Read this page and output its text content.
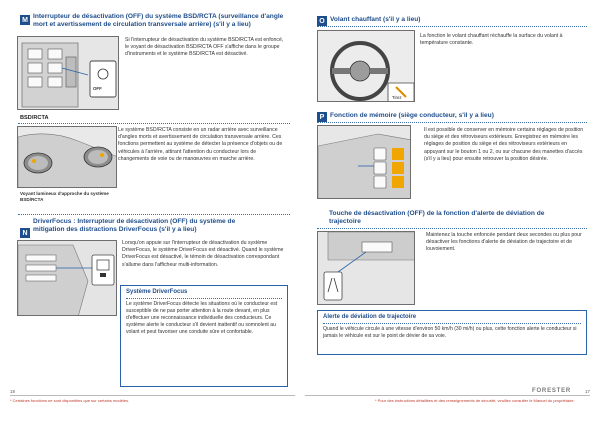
M Interrupteur de désactivation (OFF) du système BSD/RCTA (surveillance d'angle mort et avertissement de circulation transversale arrière) (s'il y a lieu)
OFF
Si l'interrupteur de désactivation du système BSD/RCTA est enfoncé, le voyant de désactivation BSD/RCTA OFF s'affiche dans le groupe d'instruments et le système BSD/RCTA est désactivé.
BSD/RCTA
Voyant lumineux d'approche du système BSD/RCTA
Le système BSD/RCTA consiste en un radar arrière avec surveillance d'angles morts et avertissement de circulation transversale arrière. Ces fonctions permettent au système de détecter la présence d'objets ou de véhicules à l'arrière, attirant l'attention du conducteur lors de changements de voie ou de manœuvres en marche arrière.
N
DriverFocus : Interrupteur de désactivation (OFF) du système de mitigation des distractions DriverFocus (s'il y a lieu)
Lorsqu'on appuie sur l'interrupteur de désactivation du système DriverFocus, le système DriverFocus est désactivé. Quand le système DriverFocus est désactivé, le témoin de désactivation correspondant s'allume dans l'afficheur multi-information.
Système DriverFocus
Le système DriverFocus détecte les situations où le conducteur est susceptible de ne pas porter attention à la route devant, en plus d'effectuer une reconnaissance individuelle des conducteurs. Ce système alerte le conducteur s'il devient inattentif ou somnolent au volant et peut favoriser une conduite sûre et confortable.
18
* Certaines fonctions ne sont disponibles que sur certains modèles.
O Volant chauffant (s'il y a lieu)
Tirez
La fonction le volant chauffant réchauffe la surface du volant à température constante.
P Fonction de mémoire (siège conducteur, s'il y a lieu)
Il est possible de conserver en mémoire certains réglages de position du siège et des rétroviseurs extérieurs. Enregistrez en mémoire les réglages de position du siège et des rétroviseurs extérieurs en appuyant sur le bouton 1 ou 2, ou sur chacune des manettes d'accès (s'il y a lieu) pour ensuite retrouver la position désirée.
Touche de désactivation (OFF) de la fonction d'alerte de déviation de trajectoire
Maintenez la touche enfoncée pendant deux secondes ou plus pour désactiver les fonctions d'alerte de déviation de trajectoire et de louvoiement.
Alerte de déviation de trajectoire
Quand le véhicule circule à une vitesse d'environ 50 km/h (30 mi/h) ou plus, cette fonction alerte le conducteur si jamais le véhicule est sur le point de dévier de sa voie.
FORESTER	17
* Pour des instructions détaillées et des renseignements de sécurité, veuillez consulter le Manuel du propriétaire.
